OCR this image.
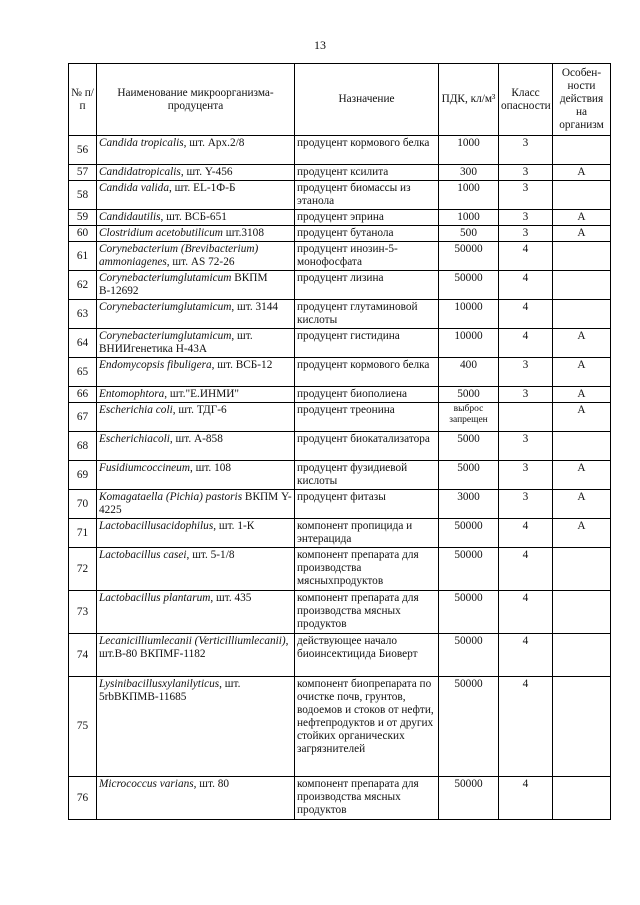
13
№ п/п	Наименование микроорганизма-продуцента	Назначение	ПДК, кл/м³	Класс опасности	Особен- ности действия на организм
56	Candida tropicalis, шт. Арх.2/8	продуцент кормового белка	1000	3	
57	Candidatropicalis, шт. Y-456	продуцент ксилита	300	3	А
58	Candida valida, шт. EL-1Ф-Б	продуцент биомассы из этанола	1000	3	
59	Candidautilis, шт. ВСБ-651	продуцент эприна	1000	3	А
60	Clostridium acetobutilicum шт.3108	продуцент бутанола	500	3	А
61	Corynebacterium (Brevibacterium) ammoniagenes, шт. AS 72-26	продуцент инозин-5-монофосфата	50000	4	
62	Corynebacteriumglutamicum ВКПМ В-12692	продуцент лизина	50000	4	
63	Corynebacteriumglutamicum, шт. 3144	продуцент глутаминовой кислоты	10000	4	
64	Corynebacteriumglutamicum, шт. ВНИИгенетика Н-43А	продуцент гистидина	10000	4	А
65	Endomycopsis fibuligera, шт. ВСБ-12	продуцент кормового белка	400	3	А
66	Entomophtora, шт."Е.ИНМИ"	продуцент биополиена	5000	3	А
67	Escherichia coli, шт. ТДГ-6	продуцент треонина	выброс запрещен		А
68	Escherichiacoli, шт. А-858	продуцент биокатализатора	5000	3	
69	Fusidiumcoccineum, шт. 108	продуцент фузидиевой кислоты	5000	3	А
70	Komagataella (Pichia) pastoris ВКПМ Y-4225	продуцент фитазы	3000	3	А
71	Lactobacillusacidophilus, шт. 1-К	компонент пропицида и энтерацида	50000	4	А
72	Lactobacillus casei, шт. 5-1/8	компонент препарата для производства мясныхпродуктов	50000	4	
73	Lactobacillus plantarum, шт. 435	компонент препарата для производства мясных продуктов	50000	4	
74	Lecanicilliumlecanii (Verticilliumlecanii), шт.В-80 ВКПМF-1182	действующее начало биоинсектицида Биоверт	50000	4	
75	Lysinibacillusxylanilyticus, шт. 5rbВКПМВ-11685	компонент биопрепарата по очистке почв, грунтов, водоемов и стоков от нефти, нефтепродуктов и от других стойких органических загрязнителей	50000	4	
76	Micrococcus varians, шт. 80	компонент препарата для производства мясных продуктов	50000	4	
